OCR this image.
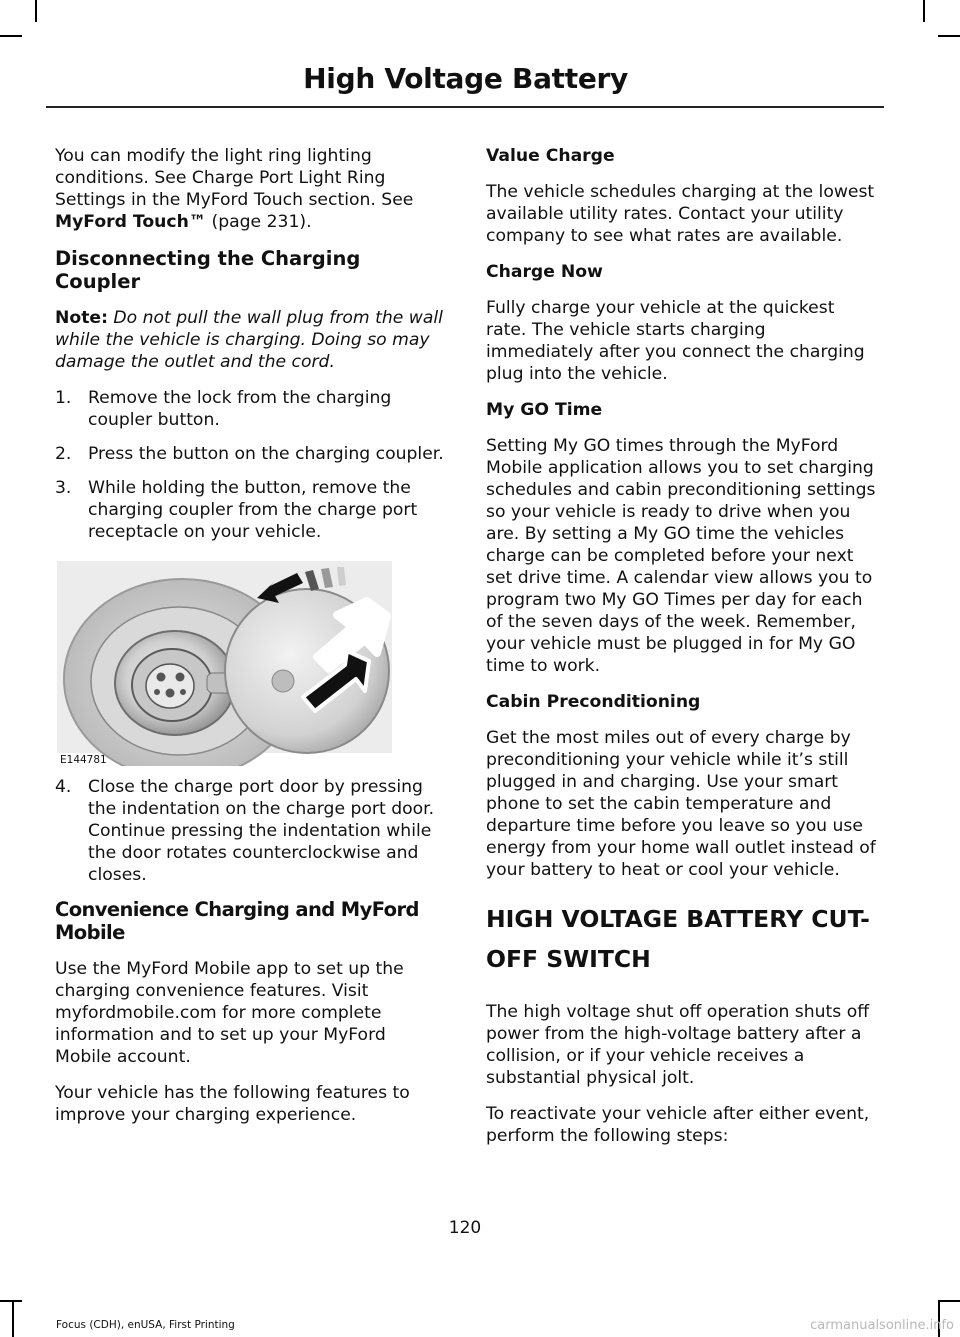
High Voltage Battery

You can modify the light ring lighting conditions. See Charge Port Light Ring Settings in the MyFord Touch section. See MyFord Touch™ (page 231).

Disconnecting the Charging Coupler

Note: Do not pull the wall plug from the wall while the vehicle is charging. Doing so may damage the outlet and the cord.

1. Remove the lock from the charging coupler button.
2. Press the button on the charging coupler.
3. While holding the button, remove the charging coupler from the charge port receptacle on your vehicle.
E144781
4. Close the charge port door by pressing the indentation on the charge port door. Continue pressing the indentation while the door rotates counterclockwise and closes.
Convenience Charging and MyFord Mobile

Use the MyFord Mobile app to set up the charging convenience features. Visit myfordmobile.com for more complete information and to set up your MyFord Mobile account.

Your vehicle has the following features to improve your charging experience.

Value Charge

The vehicle schedules charging at the lowest available utility rates. Contact your utility company to see what rates are available.

Charge Now

Fully charge your vehicle at the quickest rate. The vehicle starts charging immediately after you connect the charging plug into the vehicle.

My GO Time

Setting My GO times through the MyFord Mobile application allows you to set charging schedules and cabin preconditioning settings so your vehicle is ready to drive when you are. By setting a My GO time the vehicles charge can be completed before your next set drive time. A calendar view allows you to program two My GO Times per day for each of the seven days of the week. Remember, your vehicle must be plugged in for My GO time to work.

Cabin Preconditioning

Get the most miles out of every charge by preconditioning your vehicle while it’s still plugged in and charging. Use your smart phone to set the cabin temperature and departure time before you leave so you use energy from your home wall outlet instead of your battery to heat or cool your vehicle.

HIGH VOLTAGE BATTERY CUT-OFF SWITCH

The high voltage shut off operation shuts off power from the high-voltage battery after a collision, or if your vehicle receives a substantial physical jolt.

To reactivate your vehicle after either event, perform the following steps:

120
Focus (CDH), enUSA, First Printing	carmanualsonline.info
